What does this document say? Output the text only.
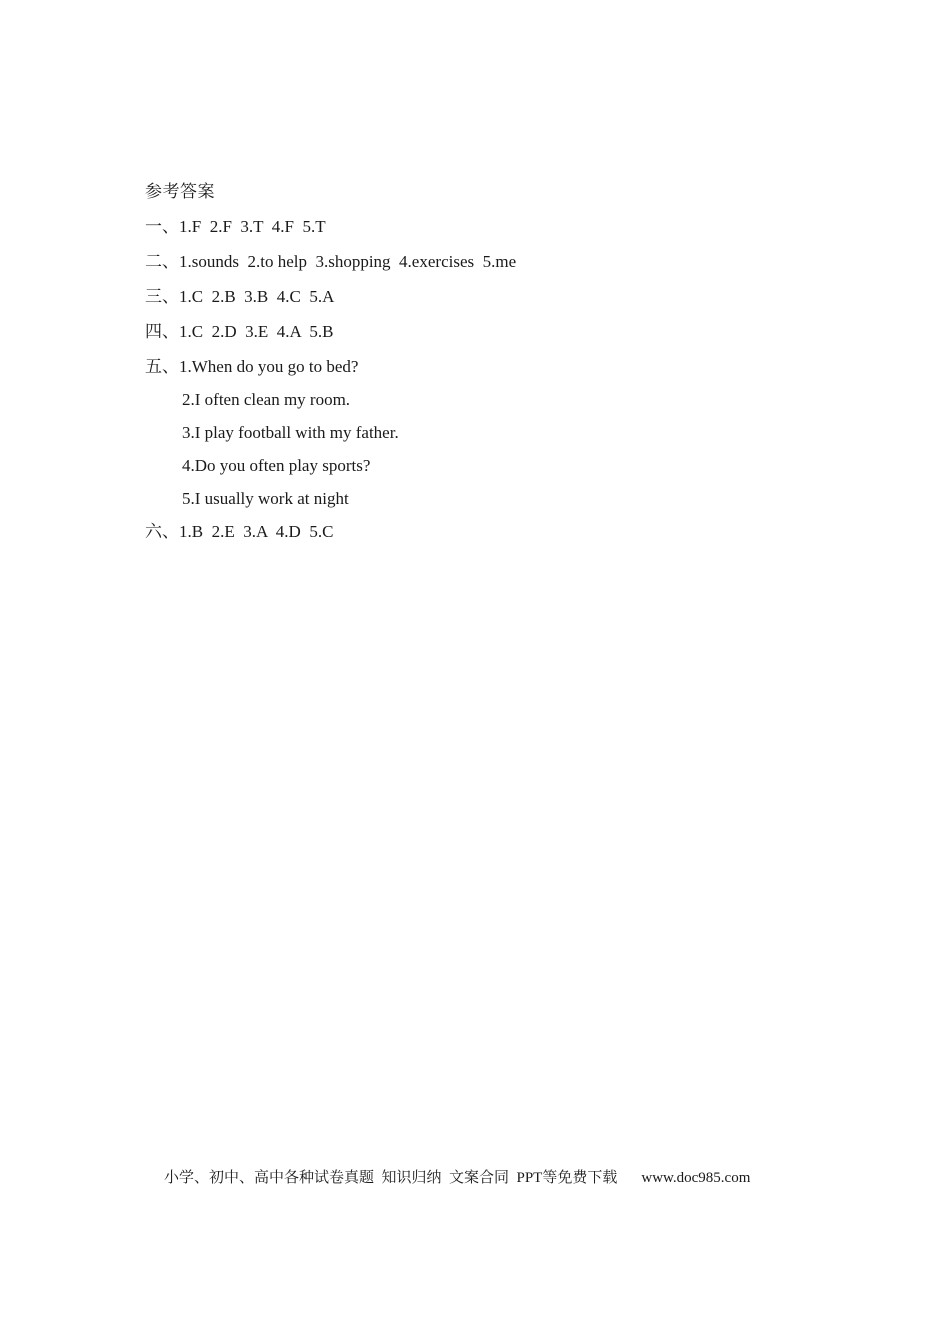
参考答案
一、1.F  2.F  3.T  4.F  5.T
二、1.sounds  2.to help  3.shopping  4.exercises  5.me
三、1.C  2.B  3.B  4.C  5.A
四、1.C  2.D  3.E  4.A  5.B
五、1.When do you go to bed?
2.I often clean my room.
3.I play football with my father.
4.Do you often play sports?
5.I usually work at night
六、1.B  2.E  3.A  4.D  5.C
小学、初中、高中各种试卷真题  知识归纳  文案合同  PPT等免费下载 www.doc985.com
